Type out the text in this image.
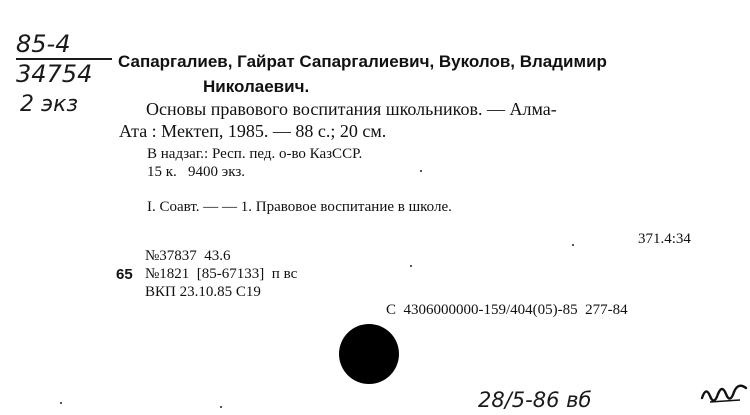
85-4
34754
2 экз
Сапаргалиев, Гайрат Сапаргалиевич, Вуколов, Владимир
Николаевич.
Основы правового воспитания школьников. — Алма-
Ата : Мектеп, 1985. — 88 с.; 20 см.
В надзаг.: Респ. пед. о-во КазССР.
15 к.   9400 экз.
I. Соавт. — — 1. Правовое воспитание в школе.
371.4:34
№37837  43.6
65 №1821  [85-67133]  п вс
ВКП 23.10.85 С19
С  4306000000-159/404(05)-85  277-84
28/5-86 вб
